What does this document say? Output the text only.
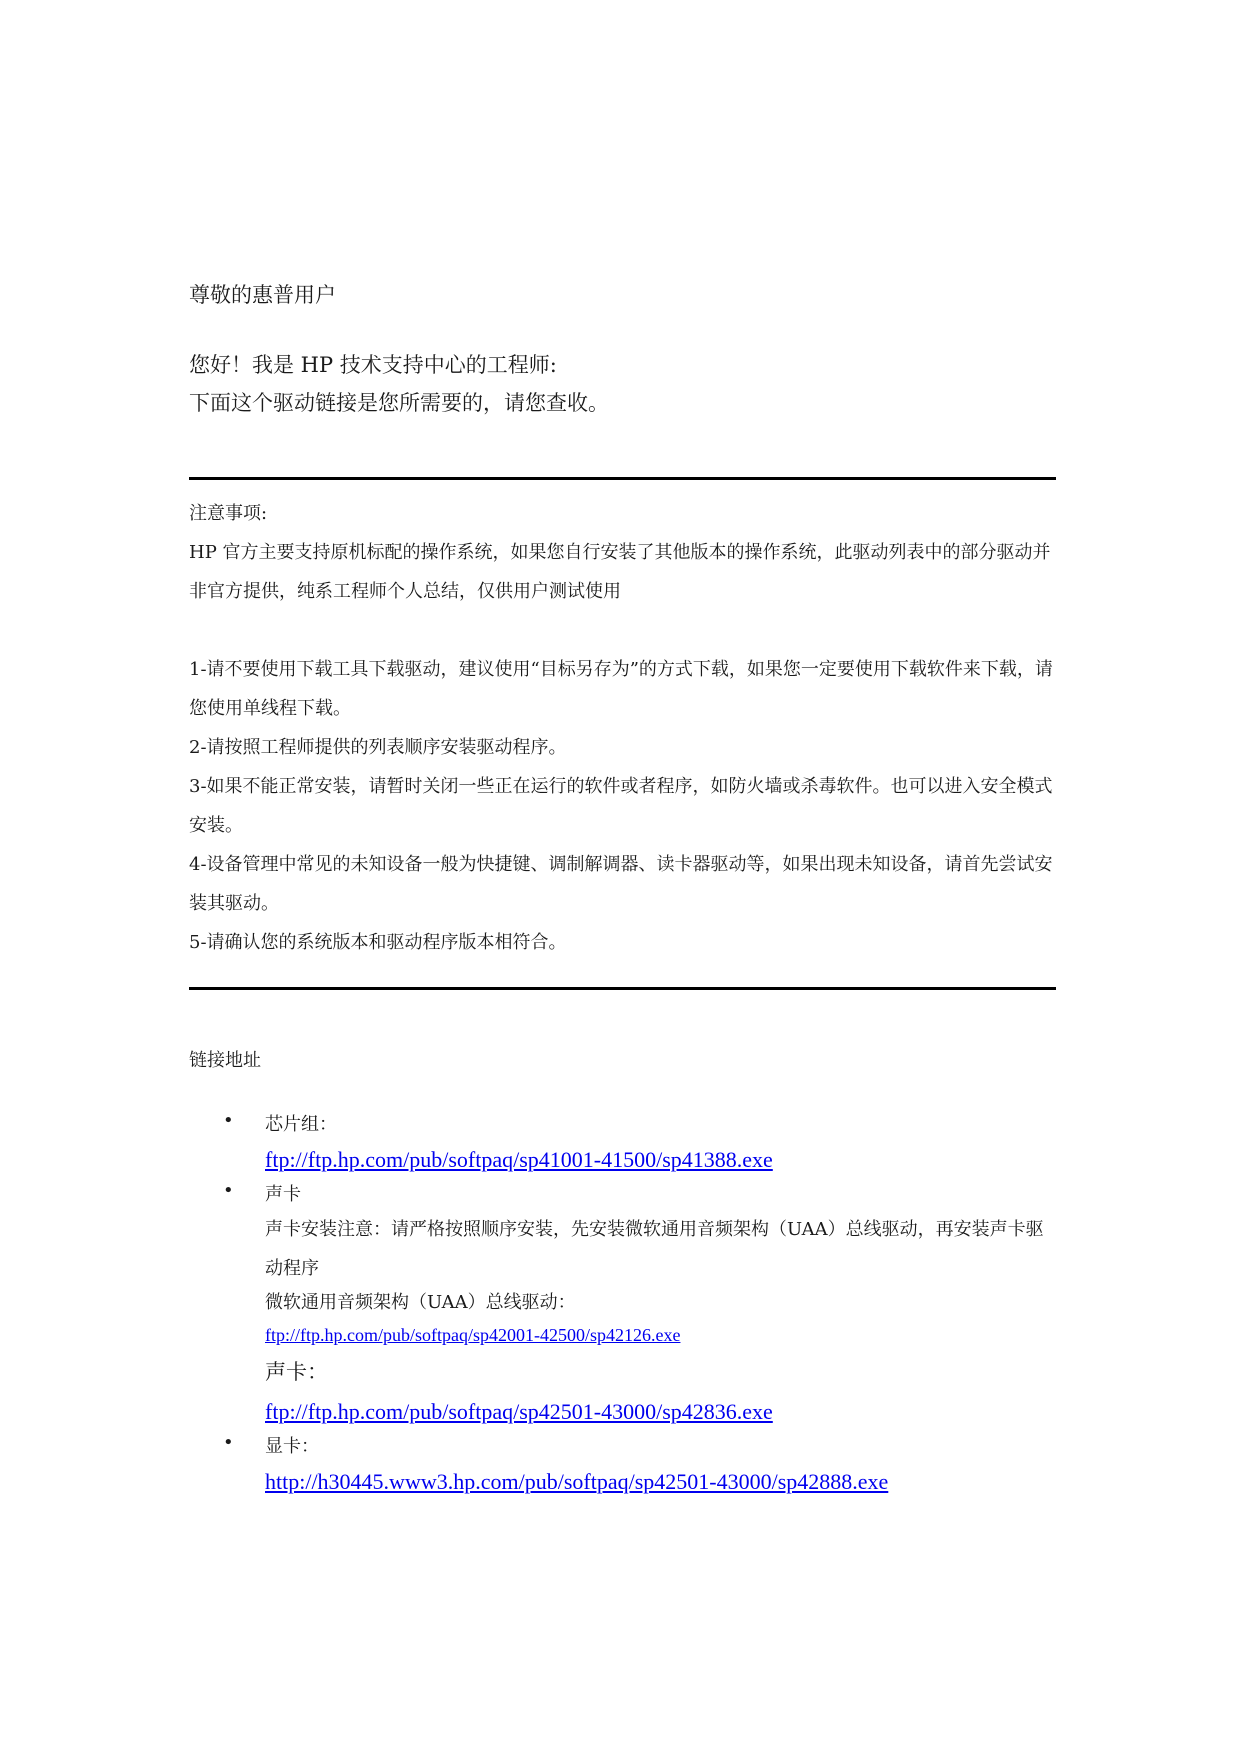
尊敬的惠普用户
您好！我是 HP 技术支持中心的工程师:
下面这个驱动链接是您所需要的，请您查收。

注意事项:

HP 官方主要支持原机标配的操作系统，如果您自行安装了其他版本的操作系统，此驱动列表中的部分驱动并非官方提供，纯系工程师个人总结，仅供用户测试使用

1-请不要使用下载工具下载驱动，建议使用“目标另存为”的方式下载，如果您一定要使用下载软件来下载，请您使用单线程下载。

2-请按照工程师提供的列表顺序安装驱动程序。

3-如果不能正常安装，请暂时关闭一些正在运行的软件或者程序，如防火墙或杀毒软件。也可以进入安全模式安装。

4-设备管理中常见的未知设备一般为快捷键、调制解调器、读卡器驱动等，如果出现未知设备，请首先尝试安装其驱动。

5-请确认您的系统版本和驱动程序版本相符合。

链接地址
• 芯片组：
ftp://ftp.hp.com/pub/softpaq/sp41001-41500/sp41388.exe
• 声卡
声卡安装注意：请严格按照顺序安装，先安装微软通用音频架构（UAA）总线驱动，再安装声卡驱动程序
微软通用音频架构（UAA）总线驱动：
ftp://ftp.hp.com/pub/softpaq/sp42001-42500/sp42126.exe
声卡：
ftp://ftp.hp.com/pub/softpaq/sp42501-43000/sp42836.exe
• 显卡：
http://h30445.www3.hp.com/pub/softpaq/sp42501-43000/sp42888.exe
